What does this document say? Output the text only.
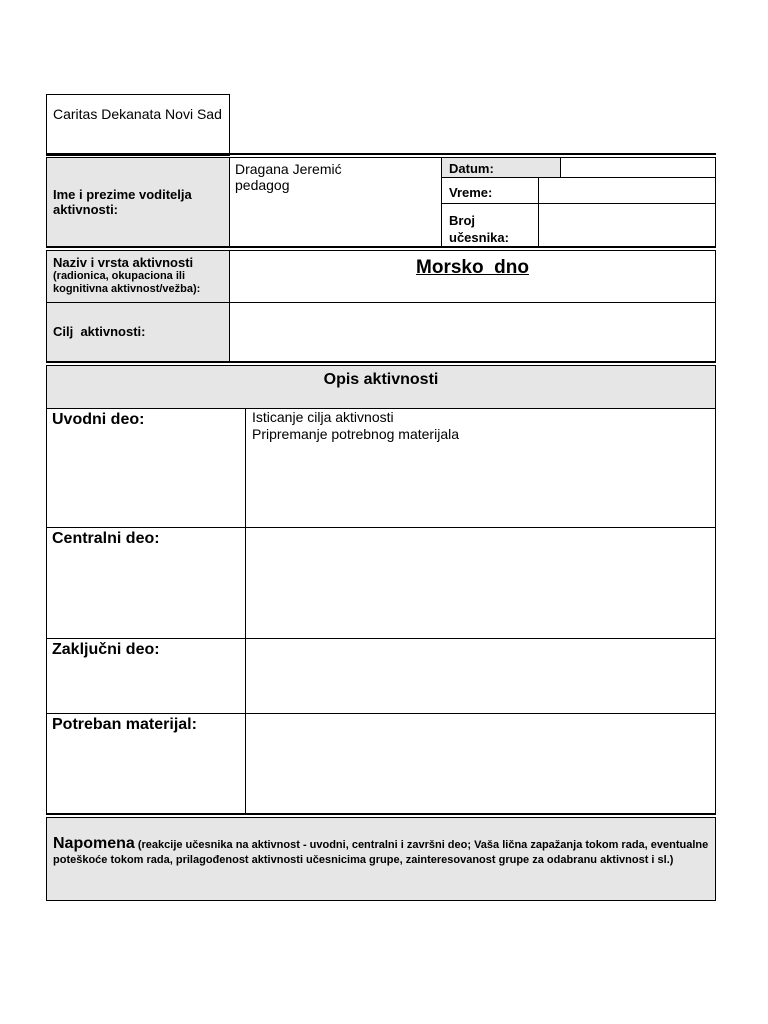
Caritas Dekanata Novi Sad
Ime i prezime voditelja aktivnosti:
Dragana Jeremić
pedagog
Datum:
Vreme:
Broj učesnika:
Naziv i vrsta aktivnosti
(radionica, okupaciona ili kognitivna aktivnost/vežba):
Morsko  dno
Cilj  aktivnosti:
Opis aktivnosti
Uvodni deo:	Isticanje cilja aktivnosti
Pripremanje potrebnog materijala
Centralni deo:
Zaključni deo:
Potreban materijal:
Napomena (reakcije učesnika na aktivnost - uvodni, centralni i završni deo; Vaša lična zapažanja tokom rada, eventualne poteškoće tokom rada, prilagođenost aktivnosti učesnicima grupe, zainteresovanost grupe za odabranu aktivnost i sl.)
